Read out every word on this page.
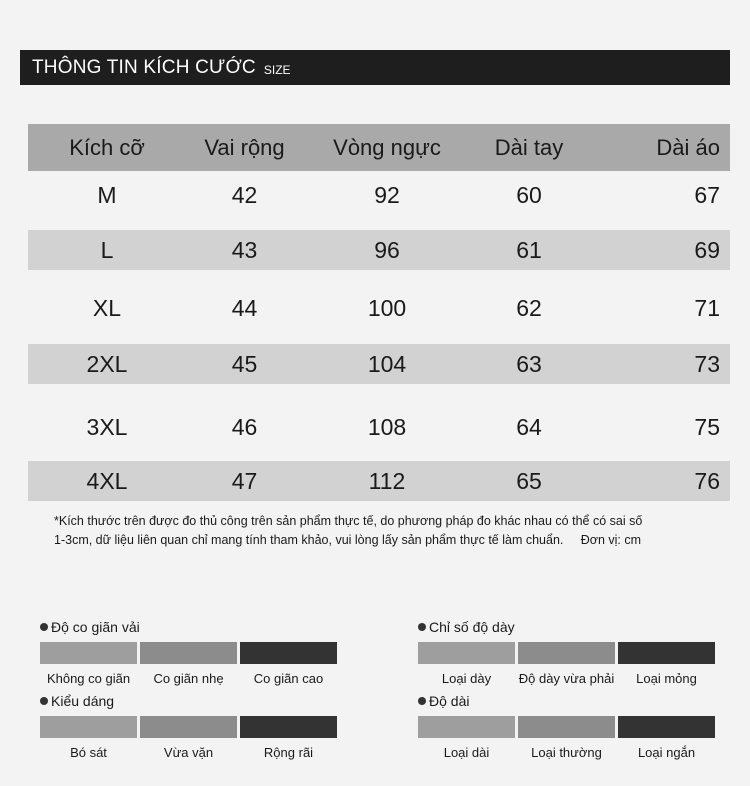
THÔNG TIN KÍCH CƯỚC SIZE
Kích cỡ	Vai rộng	Vòng ngực	Dài tay	Dài áo
M	42	92	60	67
L	43	96	61	69
XL	44	100	62	71
2XL	45	104	63	73
3XL	46	108	64	75
4XL	47	112	65	76
*Kích thước trên được đo thủ công trên sản phẩm thực tế, do phương pháp đo khác nhau có thể có sai số
1-3cm, dữ liệu liên quan chỉ mang tính tham khảo, vui lòng lấy sản phẩm thực tế làm chuẩn. Đơn vị: cm
Độ co giãn vải
Không co giãn	Co giãn nhẹ	Co giãn cao
Chỉ số độ dày
Loại dày	Độ dày vừa phải	Loại mỏng
Kiểu dáng
Bó sát	Vừa vặn	Rộng rãi
Độ dài
Loại dài	Loại thường	Loại ngắn
